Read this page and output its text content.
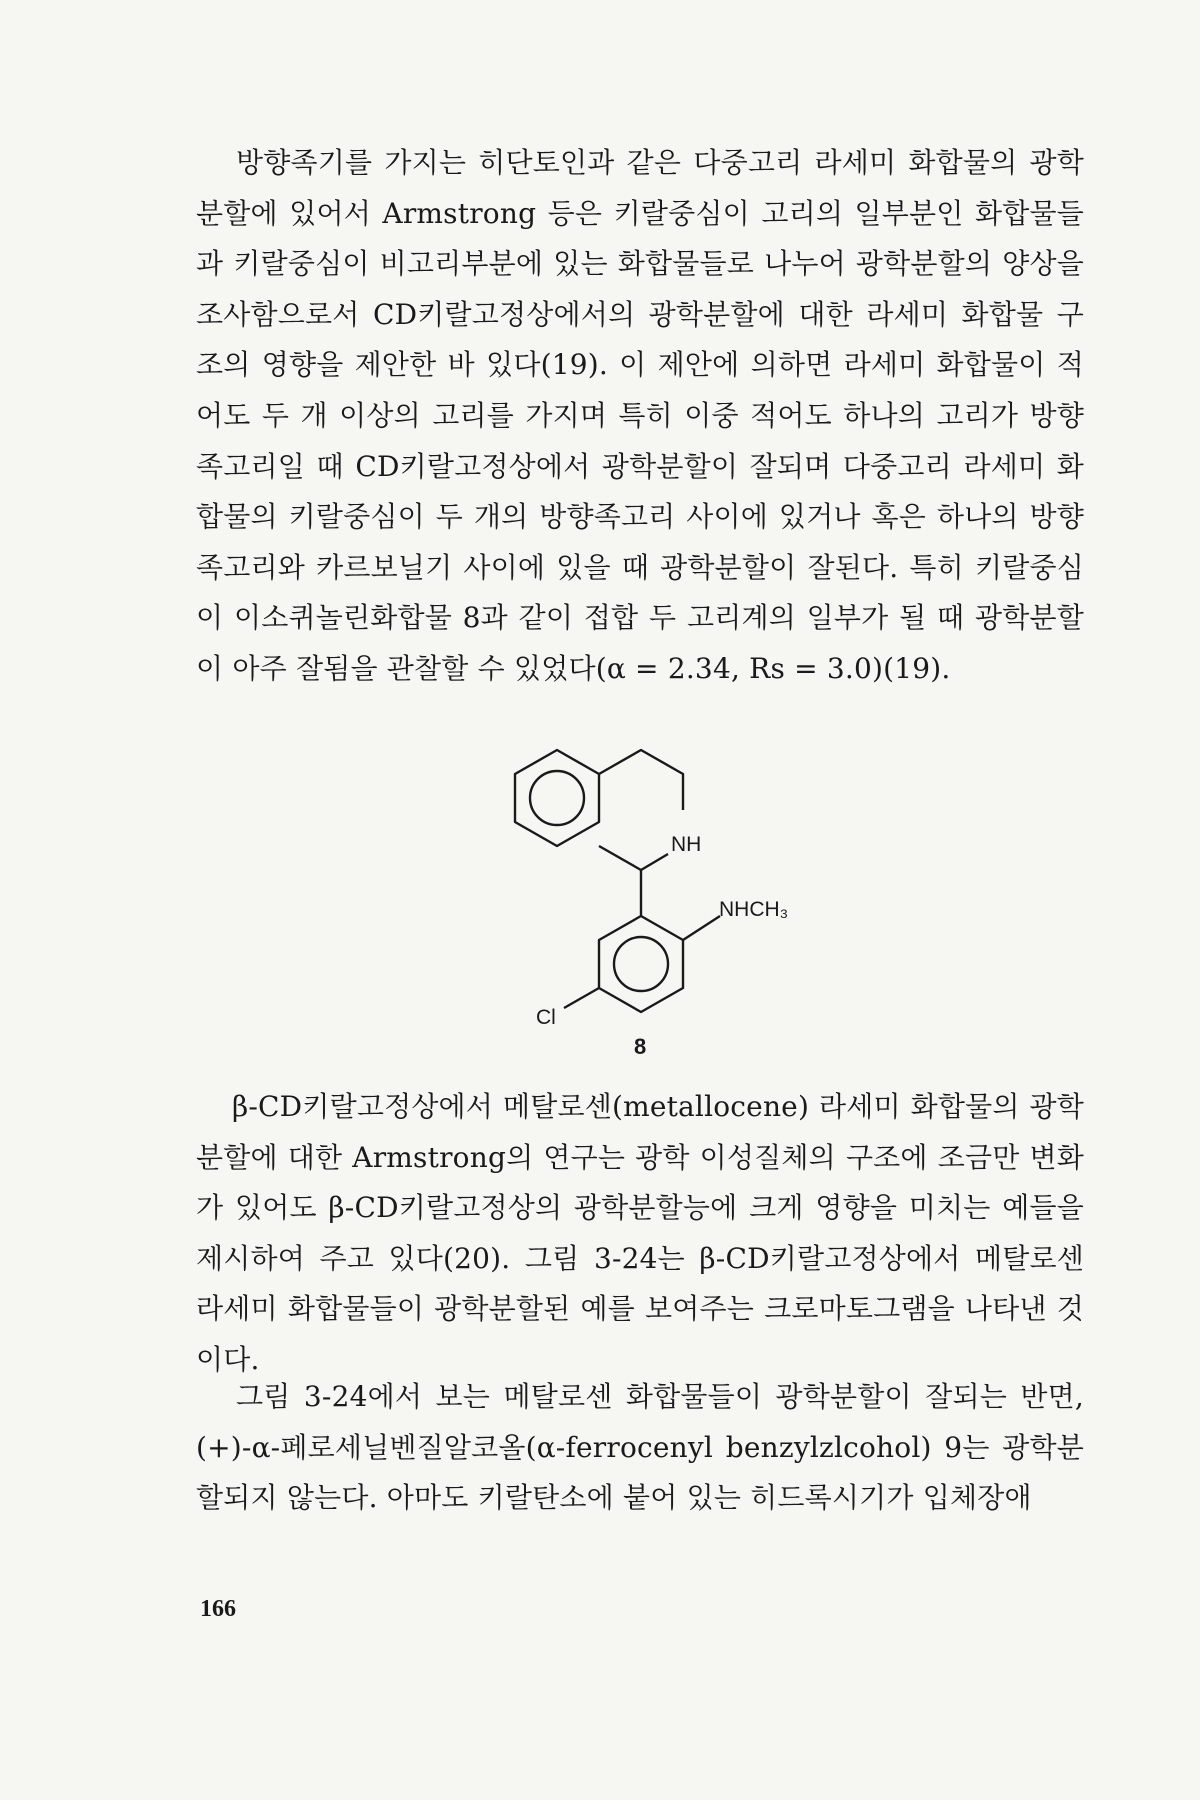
방향족기를 가지는 히단토인과 같은 다중고리 라세미 화합물의 광학분할에 있어서 Armstrong 등은 키랄중심이 고리의 일부분인 화합물들과 키랄중심이 비고리부분에 있는 화합물들로 나누어 광학분할의 양상을 조사함으로서 CD키랄고정상에서의 광학분할에 대한 라세미 화합물 구조의 영향을 제안한 바 있다(19). 이 제안에 의하면 라세미 화합물이 적어도 두 개 이상의 고리를 가지며 특히 이중 적어도 하나의 고리가 방향족고리일 때 CD키랄고정상에서 광학분할이 잘되며 다중고리 라세미 화합물의 키랄중심이 두 개의 방향족고리 사이에 있거나 혹은 하나의 방향족고리와 카르보닐기 사이에 있을 때 광학분할이 잘된다. 특히 키랄중심이 이소퀴놀린화합물 8과 같이 접합 두 고리계의 일부가 될 때 광학분할이 아주 잘됨을 관찰할 수 있었다(α = 2.34, Rs = 3.0)(19).

NH
NHCH₃
Cl
8

β-CD키랄고정상에서 메탈로센(metallocene) 라세미 화합물의 광학분할에 대한 Armstrong의 연구는 광학 이성질체의 구조에 조금만 변화가 있어도 β-CD키랄고정상의 광학분할능에 크게 영향을 미치는 예들을 제시하여 주고 있다(20). 그림 3-24는 β-CD키랄고정상에서 메탈로센 라세미 화합물들이 광학분할된 예를 보여주는 크로마토그램을 나타낸 것이다.

그림 3-24에서 보는 메탈로센 화합물들이 광학분할이 잘되는 반면, (+)-α-페로세닐벤질알코올(α-ferrocenyl benzylzlcohol) 9는 광학분할되지 않는다. 아마도 키랄탄소에 붙어 있는 히드록시기가 입체장애

166
